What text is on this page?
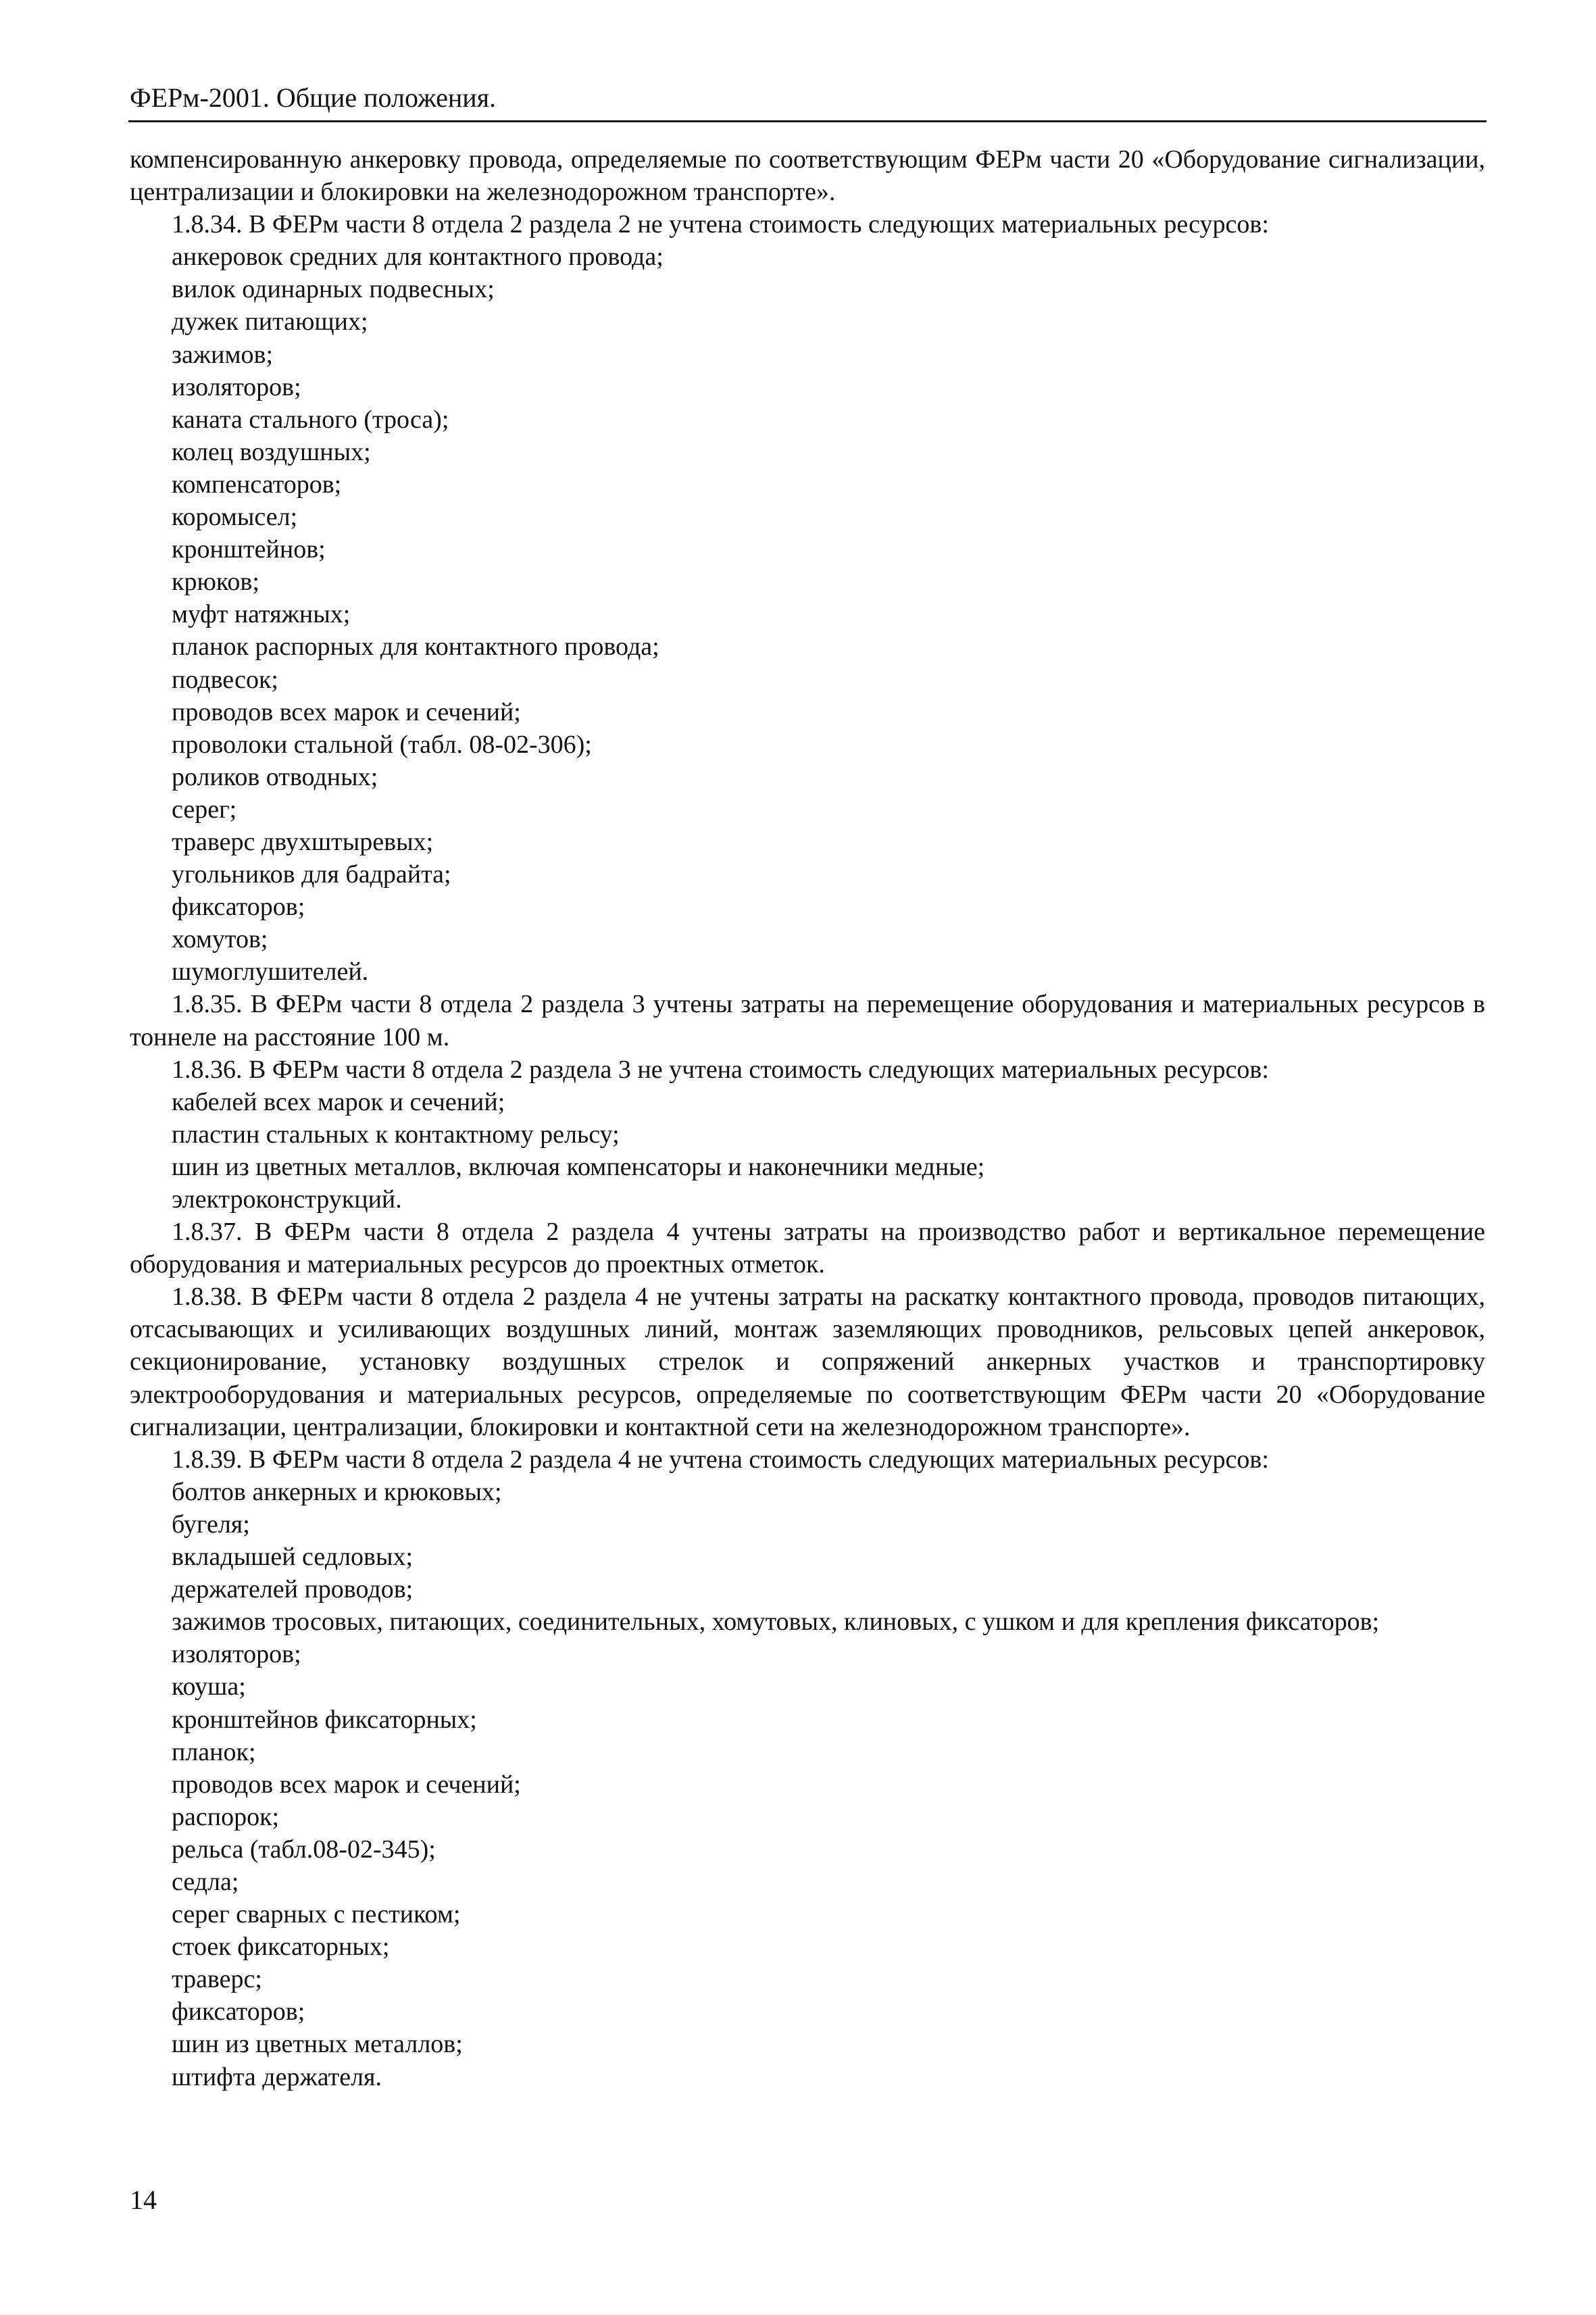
ФЕРм-2001. Общие положения.

компенсированную анкеровку провода, определяемые по соответствующим ФЕРм части 20 «Оборудование сигнализации, централизации и блокировки на железнодорожном транспорте».

1.8.34. В ФЕРм части 8 отдела 2 раздела 2 не учтена стоимость следующих материальных ресурсов:

анкеровок средних для контактного провода;

вилок одинарных подвесных;

дужек питающих;

зажимов;

изоляторов;

каната стального (троса);

колец воздушных;

компенсаторов;

коромысел;

кронштейнов;

крюков;

муфт натяжных;

планок распорных для контактного провода;

подвесок;

проводов всех марок и сечений;

проволоки стальной (табл. 08-02-306);

роликов отводных;

серег;

траверс двухштыревых;

угольников для бадрайта;

фиксаторов;

хомутов;

шумоглушителей.

1.8.35. В ФЕРм части 8 отдела 2 раздела 3 учтены затраты на перемещение оборудования и материальных ресурсов в тоннеле на расстояние 100 м.

1.8.36. В ФЕРм части 8 отдела 2 раздела 3 не учтена стоимость следующих материальных ресурсов:

кабелей всех марок и сечений;

пластин стальных к контактному рельсу;

шин из цветных металлов, включая компенсаторы и наконечники медные;

электроконструкций.

1.8.37. В ФЕРм части 8 отдела 2 раздела 4 учтены затраты на производство работ и вертикальное перемещение оборудования и материальных ресурсов до проектных отметок.

1.8.38. В ФЕРм части 8 отдела 2 раздела 4 не учтены затраты на раскатку контактного провода, проводов питающих, отсасывающих и усиливающих воздушных линий, монтаж заземляющих проводников, рельсовых цепей анкеровок, секционирование, установку воздушных стрелок и сопряжений анкерных участков и транспортировку электрооборудования и материальных ресурсов, определяемые по соответствующим ФЕРм части 20 «Оборудование сигнализации, централизации, блокировки и контактной сети на железнодорожном транспорте».

1.8.39. В ФЕРм части 8 отдела 2 раздела 4 не учтена стоимость следующих материальных ресурсов:

болтов анкерных и крюковых;

бугеля;

вкладышей седловых;

держателей проводов;

зажимов тросовых, питающих, соединительных, хомутовых, клиновых, с ушком и для крепления фиксаторов;

изоляторов;

коуша;

кронштейнов фиксаторных;

планок;

проводов всех марок и сечений;

распорок;

рельса (табл.08-02-345);

седла;

серег сварных с пестиком;

стоек фиксаторных;

траверс;

фиксаторов;

шин из цветных металлов;

штифта держателя.

14
